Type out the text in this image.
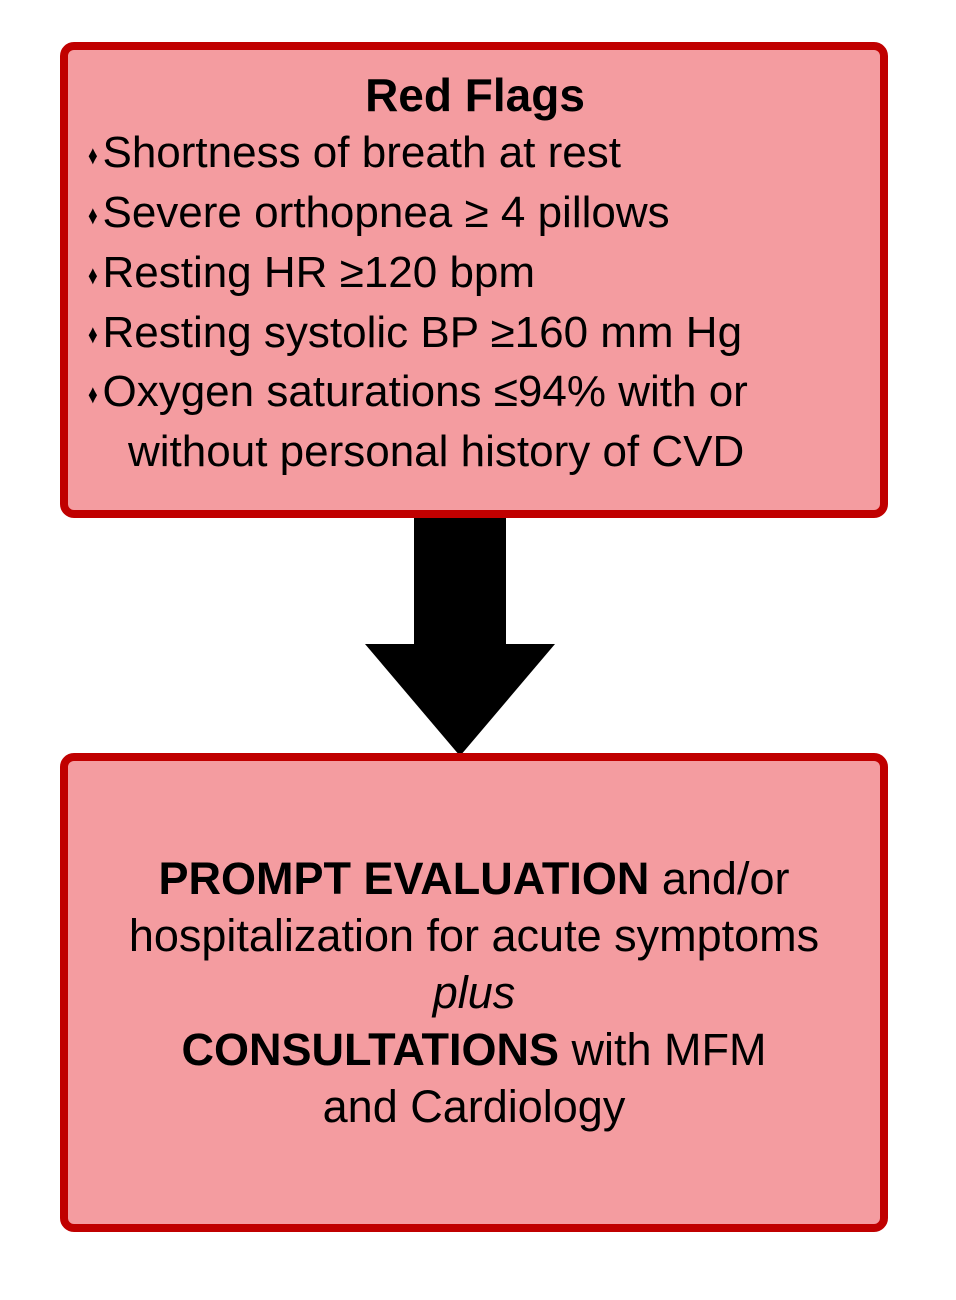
Red Flags
♦ Shortness of breath at rest
♦ Severe orthopnea ≥ 4 pillows
♦ Resting HR ≥120 bpm
♦ Resting systolic BP ≥160 mm Hg
♦ Oxygen saturations ≤94% with or without personal history of CVD
PROMPT EVALUATION and/or
hospitalization for acute symptoms
plus
CONSULTATIONS with MFM
and Cardiology
